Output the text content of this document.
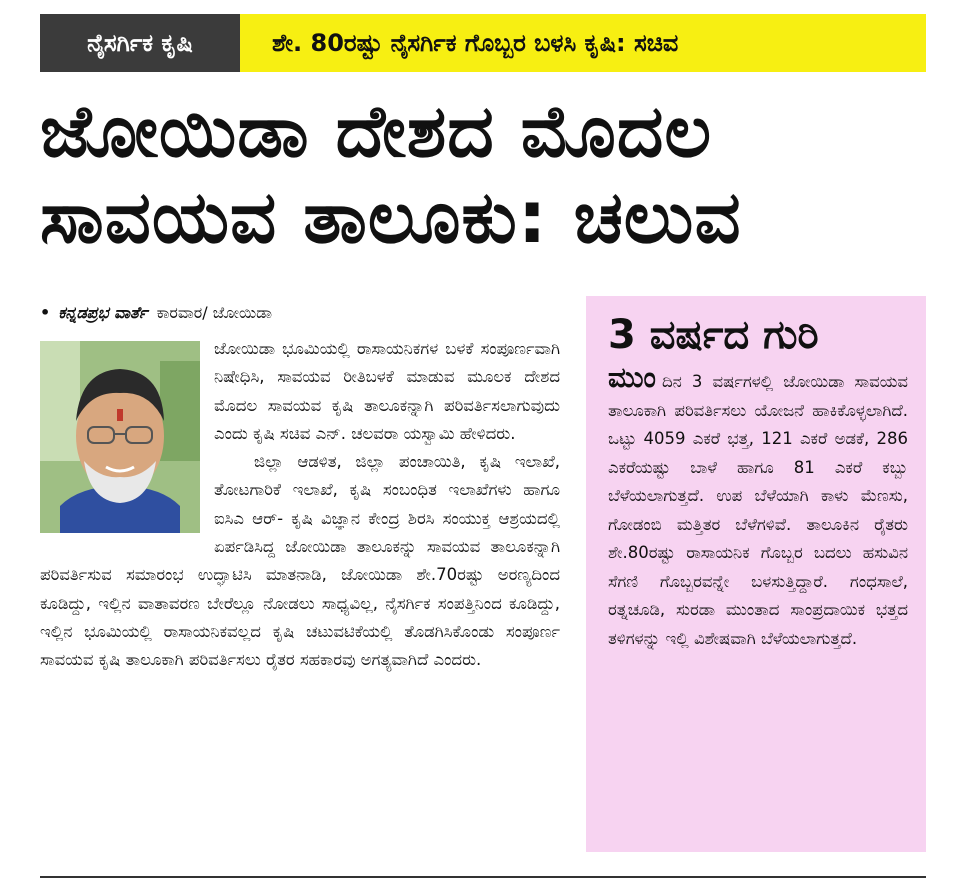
ನೈಸರ್ಗಿಕ ಕೃಷಿ	ಶೇ. 80ರಷ್ಟು ನೈಸರ್ಗಿಕ ಗೊಬ್ಬರ ಬಳಸಿ ಕೃಷಿ: ಸಚಿವ
ಜೋಯಿಡಾ ದೇಶದ ಮೊದಲ
ಸಾವಯವ ತಾಲೂಕು: ಚಲುವ
• ಕನ್ನಡಪ್ರಭ ವಾರ್ತೆ ಕಾರವಾರ/ ಜೋಯಿಡಾ

ಜೋಯಿಡಾ ಭೂಮಿಯಲ್ಲಿ ರಾಸಾಯನಿಕಗಳ ಬಳಕೆ ಸಂಪೂರ್ಣವಾಗಿ ನಿಷೇಧಿಸಿ, ಸಾವಯವ ರೀತಿಬಳಕೆ ಮಾಡುವ ಮೂಲಕ ದೇಶದ ಮೊದಲ ಸಾವಯವ ಕೃಷಿ ತಾಲೂಕನ್ನಾಗಿ ಪರಿವರ್ತಿಸಲಾಗುವುದು ಎಂದು ಕೃಷಿ ಸಚಿವ ಎನ್. ಚಲವರಾ ಯಸ್ವಾಮಿ ಹೇಳಿದರು.

ಜಿಲ್ಲಾ ಆಡಳಿತ, ಜಿಲ್ಲಾ ಪಂಚಾಯಿತಿ, ಕೃಷಿ ಇಲಾಖೆ, ತೋಟಗಾರಿಕೆ ಇಲಾಖೆ, ಕೃಷಿ ಸಂಬಂಧಿತ ಇಲಾಖೆಗಳು ಹಾಗೂ ಐಸಿಎ ಆರ್- ಕೃಷಿ ವಿಜ್ಞಾನ ಕೇಂದ್ರ ಶಿರಸಿ ಸಂಯುಕ್ತ ಆಶ್ರಯದಲ್ಲಿ ಏರ್ಪಡಿಸಿದ್ದ ಜೋಯಿಡಾ ತಾಲೂಕನ್ನು ಸಾವಯವ ತಾಲೂಕನ್ನಾಗಿ ಪರಿವರ್ತಿಸುವ ಸಮಾರಂಭ ಉದ್ಘಾಟಿಸಿ ಮಾತನಾಡಿ, ಜೋಯಿಡಾ ಶೇ.70ರಷ್ಟು ಅರಣ್ಯದಿಂದ ಕೂಡಿದ್ದು, ಇಲ್ಲಿನ ವಾತಾವರಣ ಬೇರೆಲ್ಲೂ ನೋಡಲು ಸಾಧ್ಯವಿಲ್ಲ, ನೈಸರ್ಗಿಕ ಸಂಪತ್ತಿನಿಂದ ಕೂಡಿದ್ದು, ಇಲ್ಲಿನ ಭೂಮಿಯಲ್ಲಿ ರಾಸಾಯನಿಕವಲ್ಲದ ಕೃಷಿ ಚಟುವಟಿಕೆಯಲ್ಲಿ ತೊಡಗಿಸಿಕೊಂಡು ಸಂಪೂರ್ಣ ಸಾವಯವ ಕೃಷಿ ತಾಲೂಕಾಗಿ ಪರಿವರ್ತಿಸಲು ರೈತರ ಸಹಕಾರವು ಅಗತ್ಯವಾಗಿದೆ ಎಂದರು.

3 ವರ್ಷದ ಗುರಿ
ಮುಂದಿನ 3 ವರ್ಷಗಳಲ್ಲಿ ಜೋಯಿಡಾ ಸಾವಯವ ತಾಲೂಕಾಗಿ ಪರಿವರ್ತಿಸಲು ಯೋಜನೆ ಹಾಕಿಕೊಳ್ಳಲಾಗಿದೆ. ಒಟ್ಟು 4059 ಎಕರೆ ಭತ್ತ, 121 ಎಕರೆ ಅಡಕೆ, 286 ಎಕರೆಯಷ್ಟು ಬಾಳೆ ಹಾಗೂ 81 ಎಕರೆ ಕಬ್ಬು ಬೆಳೆಯಲಾಗುತ್ತದೆ. ಉಪ ಬೆಳೆಯಾಗಿ ಕಾಳು ಮೆಣಸು, ಗೋಡಂಬಿ ಮತ್ತಿತರ ಬೆಳೆಗಳಿವೆ. ತಾಲೂಕಿನ ರೈತರು ಶೇ.80ರಷ್ಟು ರಾಸಾಯನಿಕ ಗೊಬ್ಬರ ಬದಲು ಹಸುವಿನ ಸೆಗಣಿ ಗೊಬ್ಬರವನ್ನೇ ಬಳಸುತ್ತಿದ್ದಾರೆ. ಗಂಧಸಾಲೆ, ರತ್ನಚೂಡಿ, ಸುರಡಾ ಮುಂತಾದ ಸಾಂಪ್ರದಾಯಿಕ ಭತ್ತದ ತಳಿಗಳನ್ನು ಇಲ್ಲಿ ವಿಶೇಷವಾಗಿ ಬೆಳೆಯಲಾಗುತ್ತದೆ.
